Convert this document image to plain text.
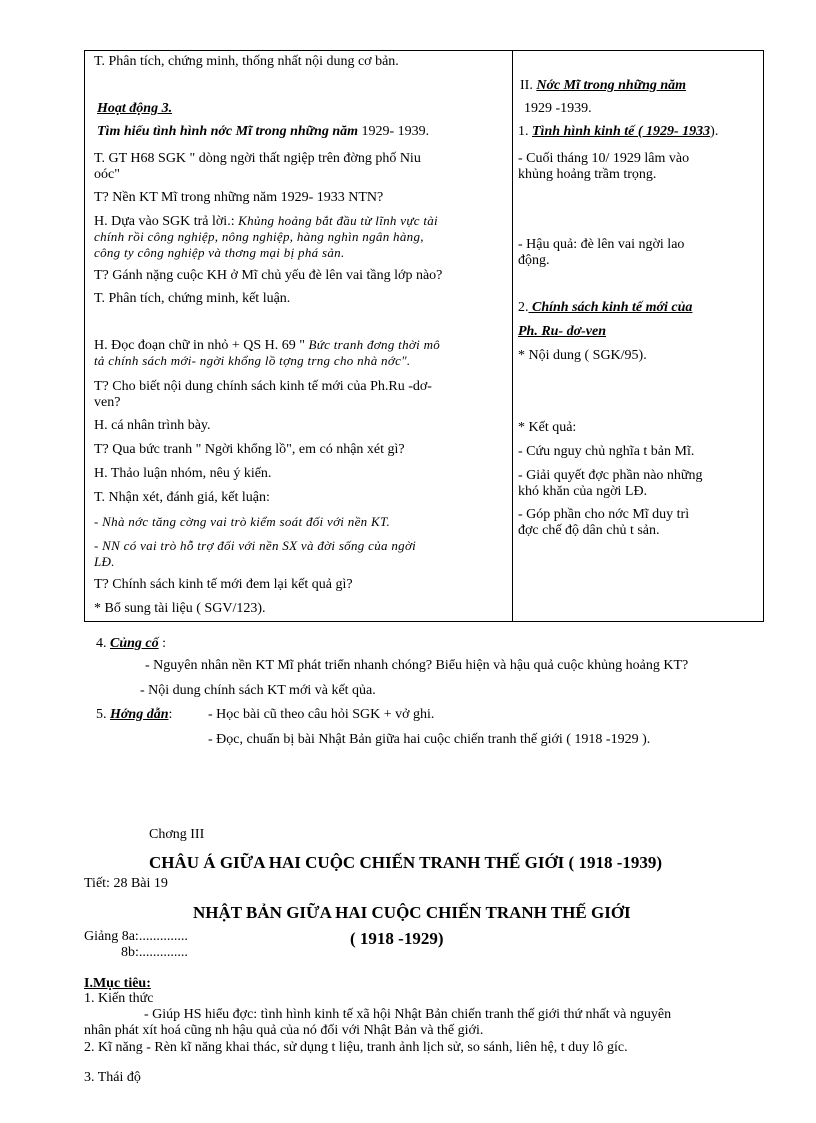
T. Phân tích, chứng minh, thống nhất nội dung cơ bản.
Hoạt động 3.
Tìm hiểu tình hình nớc Mĩ trong những năm 1929- 1939.
T. GT H68 SGK " dòng ngời thất ngiệp trên đờng phố Niu
oóc"
T? Nền KT Mĩ trong những năm 1929- 1933 NTN?
H. Dựa vào SGK trả lời.: Khủng hoảng bắt đầu từ lĩnh vực tài
chính rồi công nghiệp, nông nghiệp, hàng nghìn ngân hàng,
công ty công nghiệp và thơng mại bị phá sản.
T? Gánh nặng cuộc KH ở Mĩ chủ yếu đè lên vai tầng lớp nào?
T. Phân tích, chứng minh, kết luận.
H. Đọc đoạn chữ in nhỏ + QS H. 69 " Bức tranh đơng thời mô
tả chính sách mới- ngời khổng lồ tợng trng cho nhà nớc".
T? Cho biết nội dung chính sách kinh tế mới của Ph.Ru -dơ-
ven?
H. cá nhân trình bày.
T? Qua bức tranh " Ngời khổng lồ", em có nhận xét gì?
H. Thảo luận nhóm, nêu ý kiến.
T. Nhận xét, đánh giá, kết luận:
- Nhà nớc tăng cờng vai trò kiểm soát đối với nền KT.
- NN có vai trò hỗ trợ đối với nền SX và đời sống của ngời
LĐ.
T? Chính sách kinh tế mới đem lại kết quả gì?
* Bổ sung tài liệu ( SGV/123).
II. Nớc Mĩ trong những năm
1929 -1939.
1. Tình hình kinh tế ( 1929- 1933).
- Cuối tháng 10/ 1929 lâm vào
khủng hoảng trầm trọng.
- Hậu quả: đè lên vai ngời lao
động.
2. Chính sách kinh tế mới của
Ph. Ru- dơ-ven
* Nội dung ( SGK/95).
* Kết quả:
- Cứu nguy chủ nghĩa t bản Mĩ.
- Giải quyết đợc phần nào những
khó khăn của ngời LĐ.
- Góp phần cho nớc Mĩ duy trì
đợc chế độ dân chủ t sản.
4. Củng cố :
- Nguyên nhân nền KT Mĩ phát triển nhanh chóng? Biểu hiện và hậu quả cuộc khủng hoảng KT?
- Nội dung chính sách KT mới và kết qủa.
5. Hớng dẫn:	- Học bài cũ theo câu hỏi SGK + vở ghi.
- Đọc, chuẩn bị bài Nhật Bản giữa hai cuộc chiến tranh thế giới ( 1918 -1929 ).
Chơng III
CHÂU Á GIỮA HAI CUỘC CHIẾN TRANH THẾ GIỚI ( 1918 -1939)
Tiết: 28 Bài 19
NHẬT BẢN GIỮA HAI CUỘC CHIẾN TRANH THẾ GIỚI
( 1918 -1929)
Giảng 8a:..............
8b:..............
I.Mục tiêu:
1. Kiến thức
- Giúp HS hiểu đợc: tình hình kinh tế xã hội Nhật Bản chiến tranh thế giới thứ nhất và nguyên
nhân phát xít hoá cũng nh hậu quả của nó đối với Nhật Bản và thế giới.
2. Kĩ năng - Rèn kĩ năng khai thác, sử dụng t liệu, tranh ảnh lịch sử, so sánh, liên hệ, t duy lô gíc.
3. Thái độ
